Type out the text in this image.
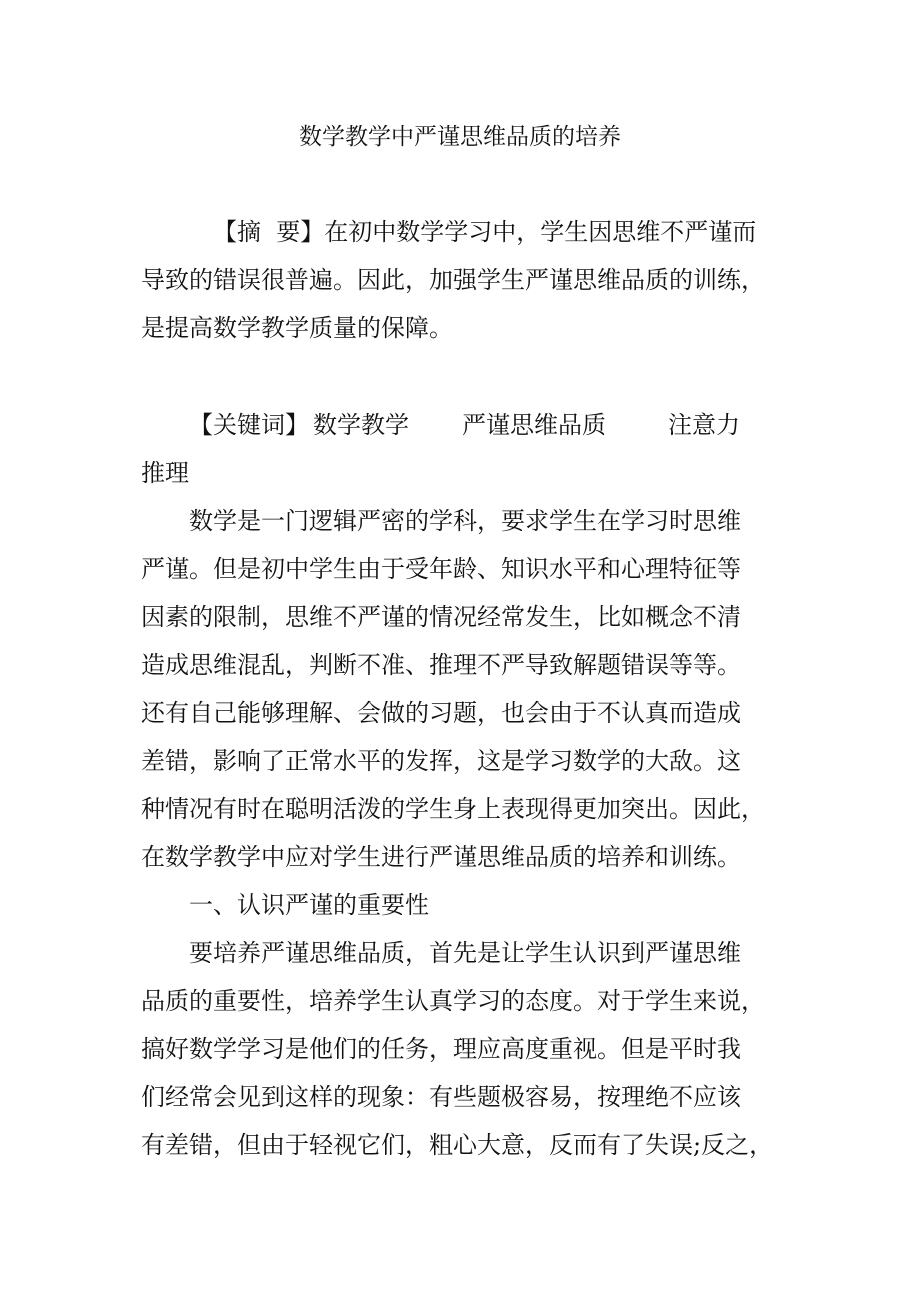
数学教学中严谨思维品质的培养
【摘  要】在初中数学学习中，学生因思维不严谨而
导致的错误很普遍。因此，加强学生严谨思维品质的训练，
是提高数学教学质量的保障。
【关键词】 数学教学 严谨思维品质	注意力
推理
数学是一门逻辑严密的学科，要求学生在学习时思维
严谨。但是初中学生由于受年龄、知识水平和心理特征等
因素的限制，思维不严谨的情况经常发生，比如概念不清
造成思维混乱，判断不准、推理不严导致解题错误等等。
还有自己能够理解、会做的习题，也会由于不认真而造成
差错，影响了正常水平的发挥，这是学习数学的大敌。这
种情况有时在聪明活泼的学生身上表现得更加突出。因此，
在数学教学中应对学生进行严谨思维品质的培养和训练。
一、认识严谨的重要性
要培养严谨思维品质，首先是让学生认识到严谨思维
品质的重要性，培养学生认真学习的态度。对于学生来说，
搞好数学学习是他们的任务，理应高度重视。但是平时我
们经常会见到这样的现象：有些题极容易，按理绝不应该
有差错，但由于轻视它们，粗心大意，反而有了失误;反之，
